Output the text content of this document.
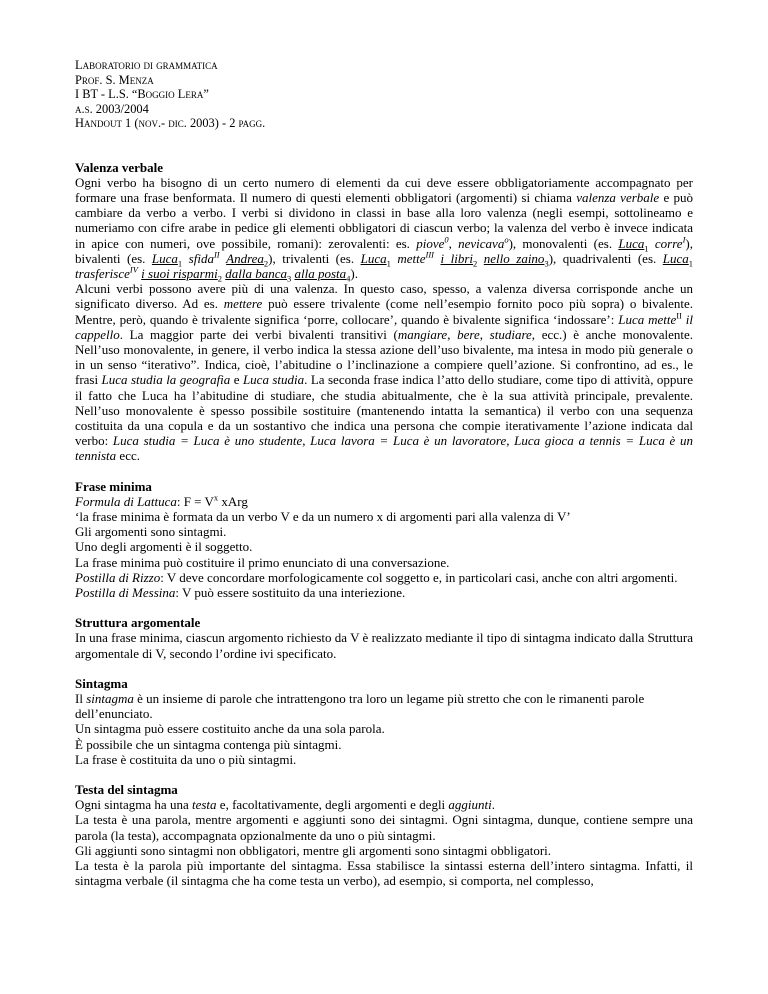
Laboratorio di grammatica

Prof. S. Menza

I BT - L.S. “Boggio Lera”

a.s. 2003/2004

Handout 1 (nov.- dic. 2003) - 2 pagg.

Valenza verbale

Ogni verbo ha bisogno di un certo numero di elementi da cui deve essere obbligatoriamente accompagnato per formare una frase benformata. Il numero di questi elementi obbligatori (argomenti) si chiama valenza verbale e può cambiare da verbo a verbo. I verbi si dividono in classi in base alla loro valenza (negli esempi, sottolineamo e numeriamo con cifre arabe in pedice gli elementi obbligatori di ciascun verbo; la valenza del verbo è invece indicata in apice con numeri, ove possibile, romani): zerovalenti: es. piove$^0$, nevicava$^o$), monovalenti (es. Luca$_1$ corre$^I$), bivalenti (es. Luca$_1$ sfida$^{II}$ Andrea$_2$), trivalenti (es. Luca$_1$ mette$^{III}$ i libri$_2$ nello zaino$_3$), quadrivalenti (es. Luca$_1$ trasferisce$^{IV}$ i suoi risparmi$_2$ dalla banca$_3$ alla posta$_4$).

Alcuni verbi possono avere più di una valenza. In questo caso, spesso, a valenza diversa corrisponde anche un significato diverso. Ad es. mettere può essere trivalente (come nell’esempio fornito poco più sopra) o bivalente. Mentre, però, quando è trivalente significa ‘porre, collocare’, quando è bivalente significa ‘indossare’: Luca mette$^{II}$ il cappello. La maggior parte dei verbi bivalenti transitivi (mangiare, bere, studiare, ecc.) è anche monovalente. Nell’uso monovalente, in genere, il verbo indica la stessa azione dell’uso bivalente, ma intesa in modo più generale o in un senso “iterativo”. Indica, cioè, l’abitudine o l’inclinazione a compiere quell’azione. Si confrontino, ad es., le frasi Luca studia la geografia e Luca studia. La seconda frase indica l’atto dello studiare, come tipo di attività, oppure il fatto che Luca ha l’abitudine di studiare, che studia abitualmente, che è la sua attività principale, prevalente. Nell’uso monovalente è spesso possibile sostituire (mantenendo intatta la semantica) il verbo con una sequenza costituita da una copula e da un sostantivo che indica una persona che compie iterativamente l’azione indicata dal verbo: Luca studia = Luca è uno studente, Luca lavora = Luca è un lavoratore, Luca gioca a tennis = Luca è un tennista ecc.

Frase minima

Formula di Lattuca: $F = V^x$ xArg

‘la frase minima è formata da un verbo V e da un numero x di argomenti pari alla valenza di V’

Gli argomenti sono sintagmi.

Uno degli argomenti è il soggetto.

La frase minima può costituire il primo enunciato di una conversazione.

Postilla di Rizzo: V deve concordare morfologicamente col soggetto e, in particolari casi, anche con altri argomenti.

Postilla di Messina: V può essere sostituito da una interiezione.

Struttura argomentale

In una frase minima, ciascun argomento richiesto da V è realizzato mediante il tipo di sintagma indicato dalla Struttura argomentale di V, secondo l’ordine ivi specificato.

Sintagma

Il sintagma è un insieme di parole che intrattengono tra loro un legame più stretto che con le rimanenti parole dell’enunciato.

Un sintagma può essere costituito anche da una sola parola.

È possibile che un sintagma contenga più sintagmi.

La frase è costituita da uno o più sintagmi.

Testa del sintagma

Ogni sintagma ha una testa e, facoltativamente, degli argomenti e degli aggiunti.

La testa è una parola, mentre argomenti e aggiunti sono dei sintagmi. Ogni sintagma, dunque, contiene sempre una parola (la testa), accompagnata opzionalmente da uno o più sintagmi.

Gli aggiunti sono sintagmi non obbligatori, mentre gli argomenti sono sintagmi obbligatori.

La testa è la parola più importante del sintagma. Essa stabilisce la sintassi esterna dell’intero sintagma. Infatti, il sintagma verbale (il sintagma che ha come testa un verbo), ad esempio, si comporta, nel complesso,
